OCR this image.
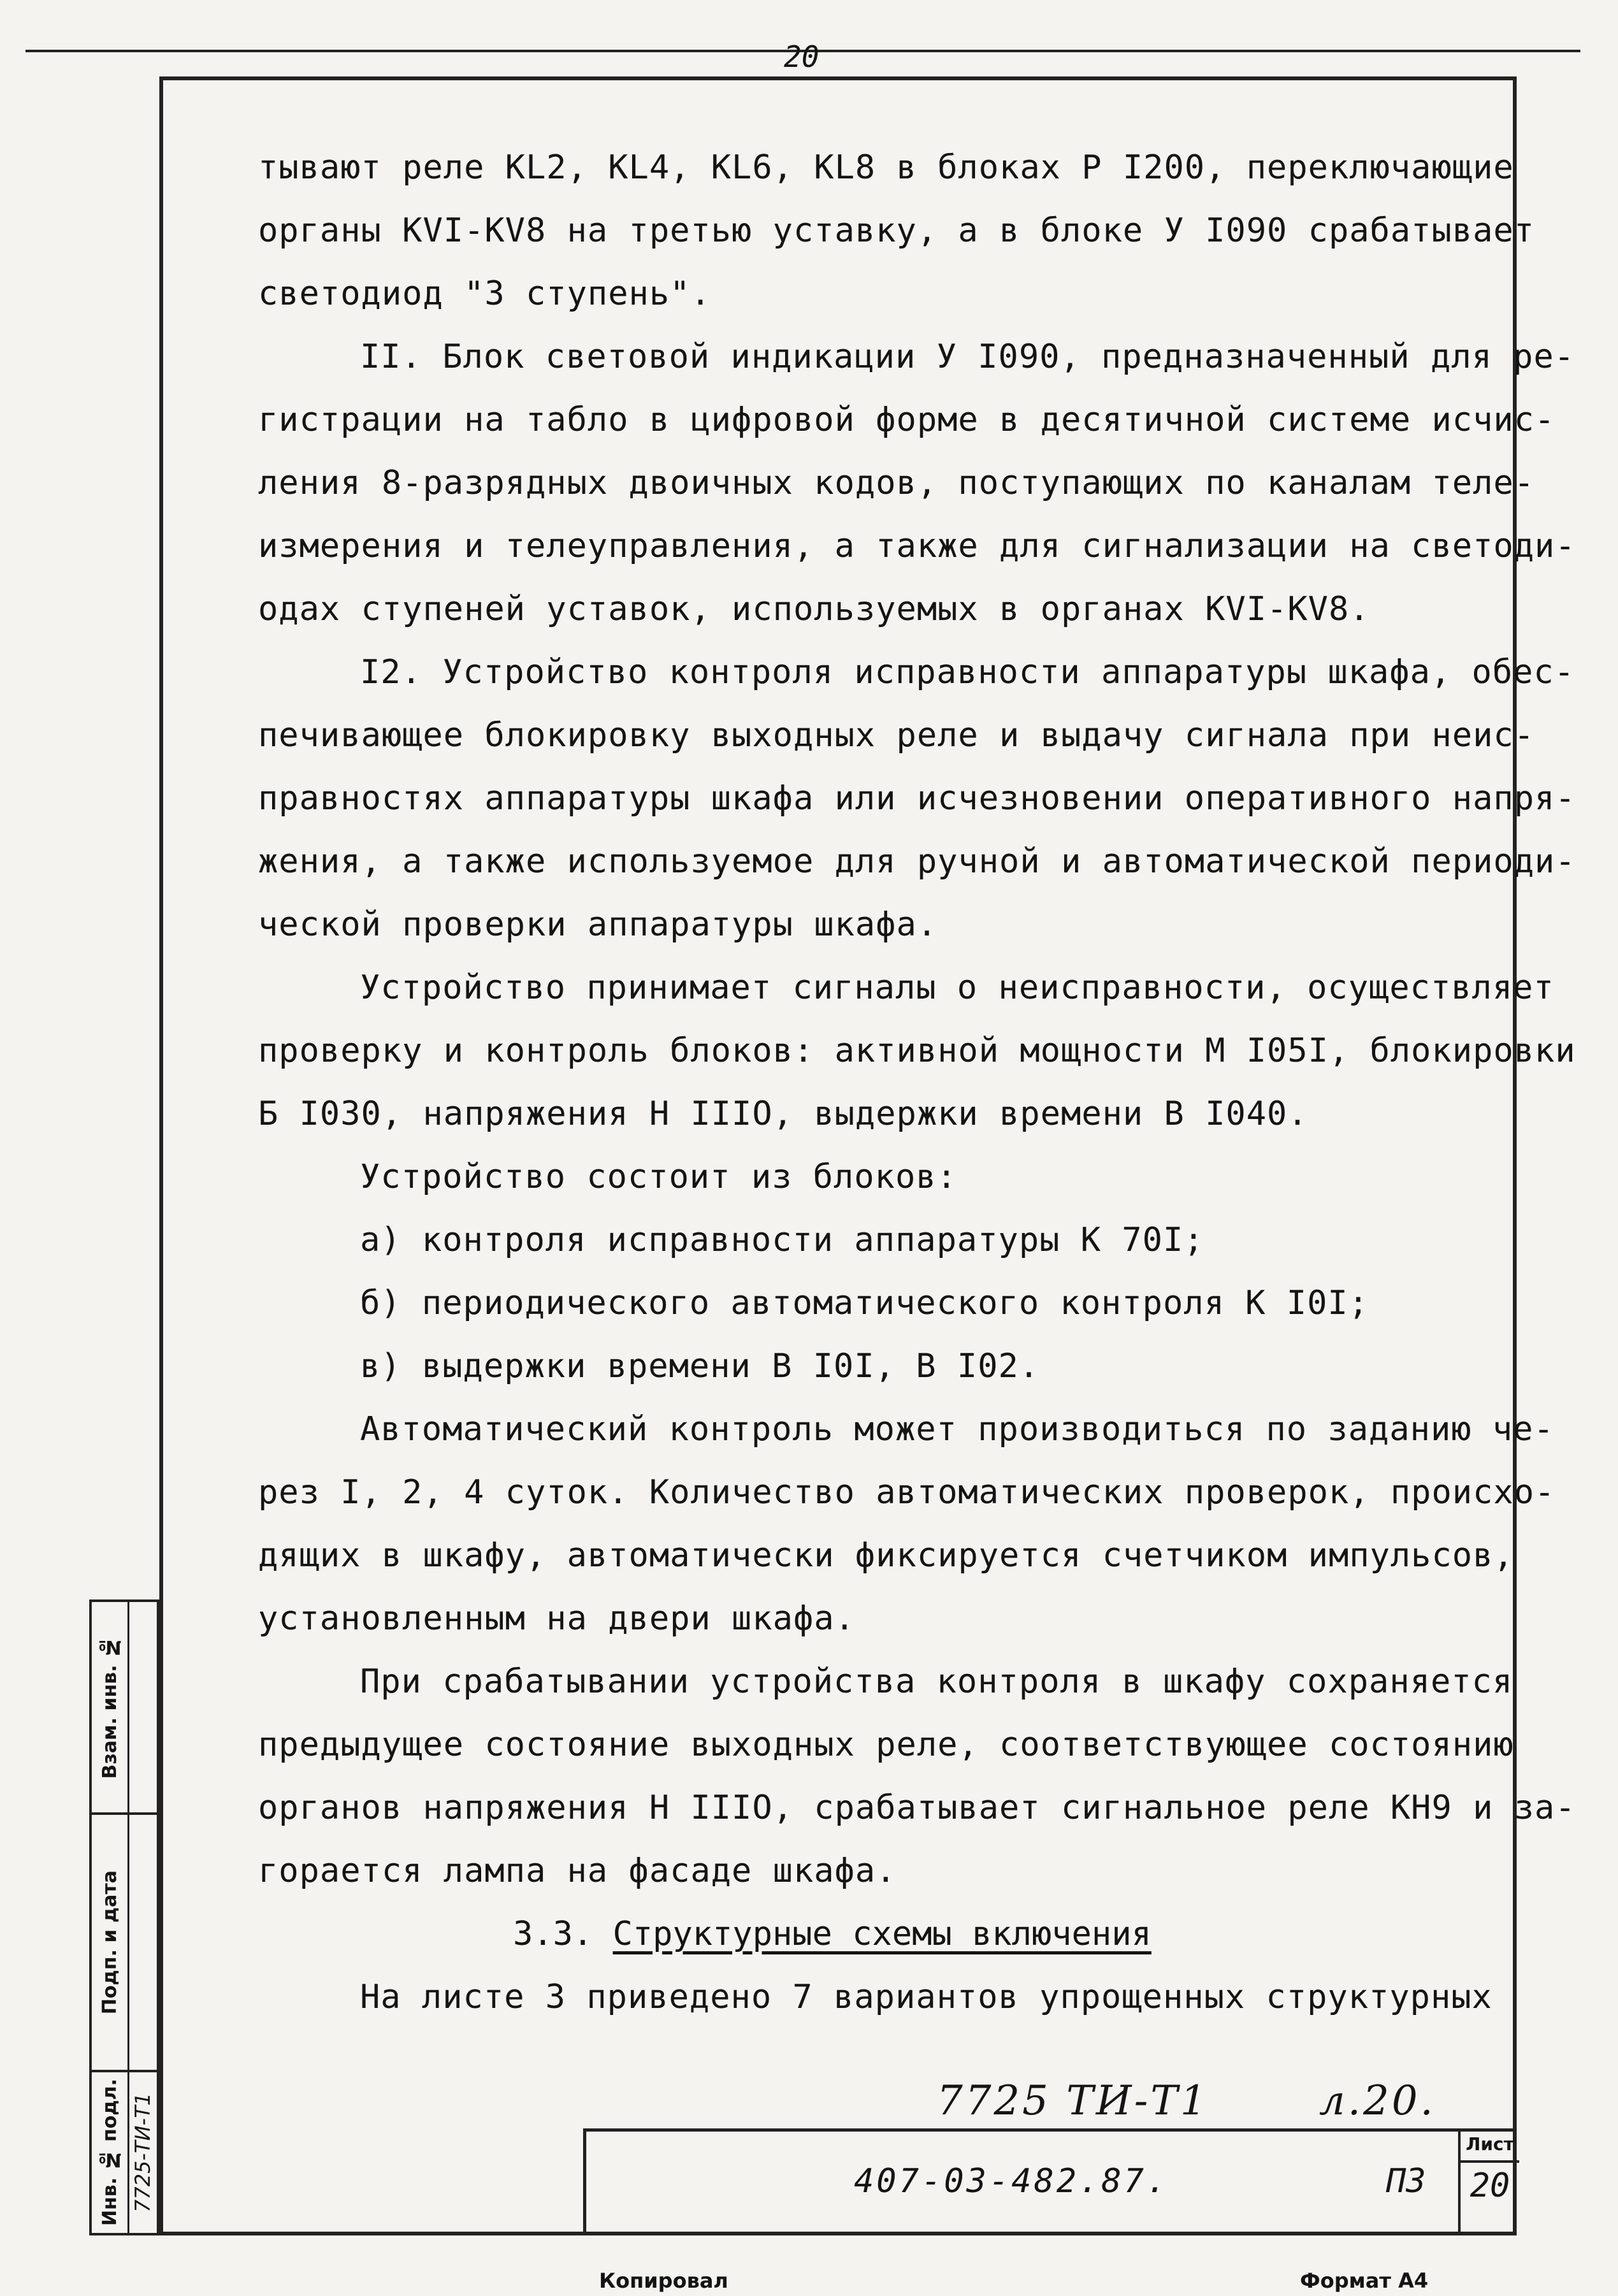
20

тывают реле KL2, KL4, KL6, KL8 в блоках Р I200, переключающие
органы KVI-KV8 на третью уставку, а в блоке У I090 срабатывает
светодиод "3 ступень".

II. Блок световой индикации У I090, предназначенный для ре-
гистрации на табло в цифровой форме в десятичной системе исчис-
ления 8-разрядных двоичных кодов, поступающих по каналам теле-
измерения и телеуправления, а также для сигнализации на светоди-
одах ступеней уставок, используемых в органах KVI-KV8.

I2. Устройство контроля исправности аппаратуры шкафа, обес-
печивающее блокировку выходных реле и выдачу сигнала при неис-
правностях аппаратуры шкафа или исчезновении оперативного напря-
жения, а также используемое для ручной и автоматической периоди-
ческой проверки аппаратуры шкафа.

Устройство принимает сигналы о неисправности, осуществляет
проверку и контроль блоков: активной мощности М I05I, блокировки
Б I030, напряжения Н IIIO, выдержки времени В I040.

Устройство состоит из блоков:

а) контроля исправности аппаратуры К 70I;
б) периодического автоматического контроля К I0I;
в) выдержки времени В I0I, В I02.

Автоматический контроль может производиться по заданию че-
рез I, 2, 4 суток. Количество автоматических проверок, происхо-
дящих в шкафу, автоматически фиксируется счетчиком импульсов,
установленным на двери шкафа.

При срабатывании устройства контроля в шкафу сохраняется
предыдущее состояние выходных реле, соответствующее состоянию
органов напряжения Н IIIO, срабатывает сигнальное реле КН9 и за-
горается лампа на фасаде шкафа.

3.3. Структурные схемы включения

На листе 3 приведено 7 вариантов упрощенных структурных

Взам. инв. №
Подп. и дата
Инв. № подл. 7725-ТИ-Т1	7725 ТИ-Т1	л.20.
407-03-482.87.	ПЗ
Лист
20
Копировал	Формат А4
